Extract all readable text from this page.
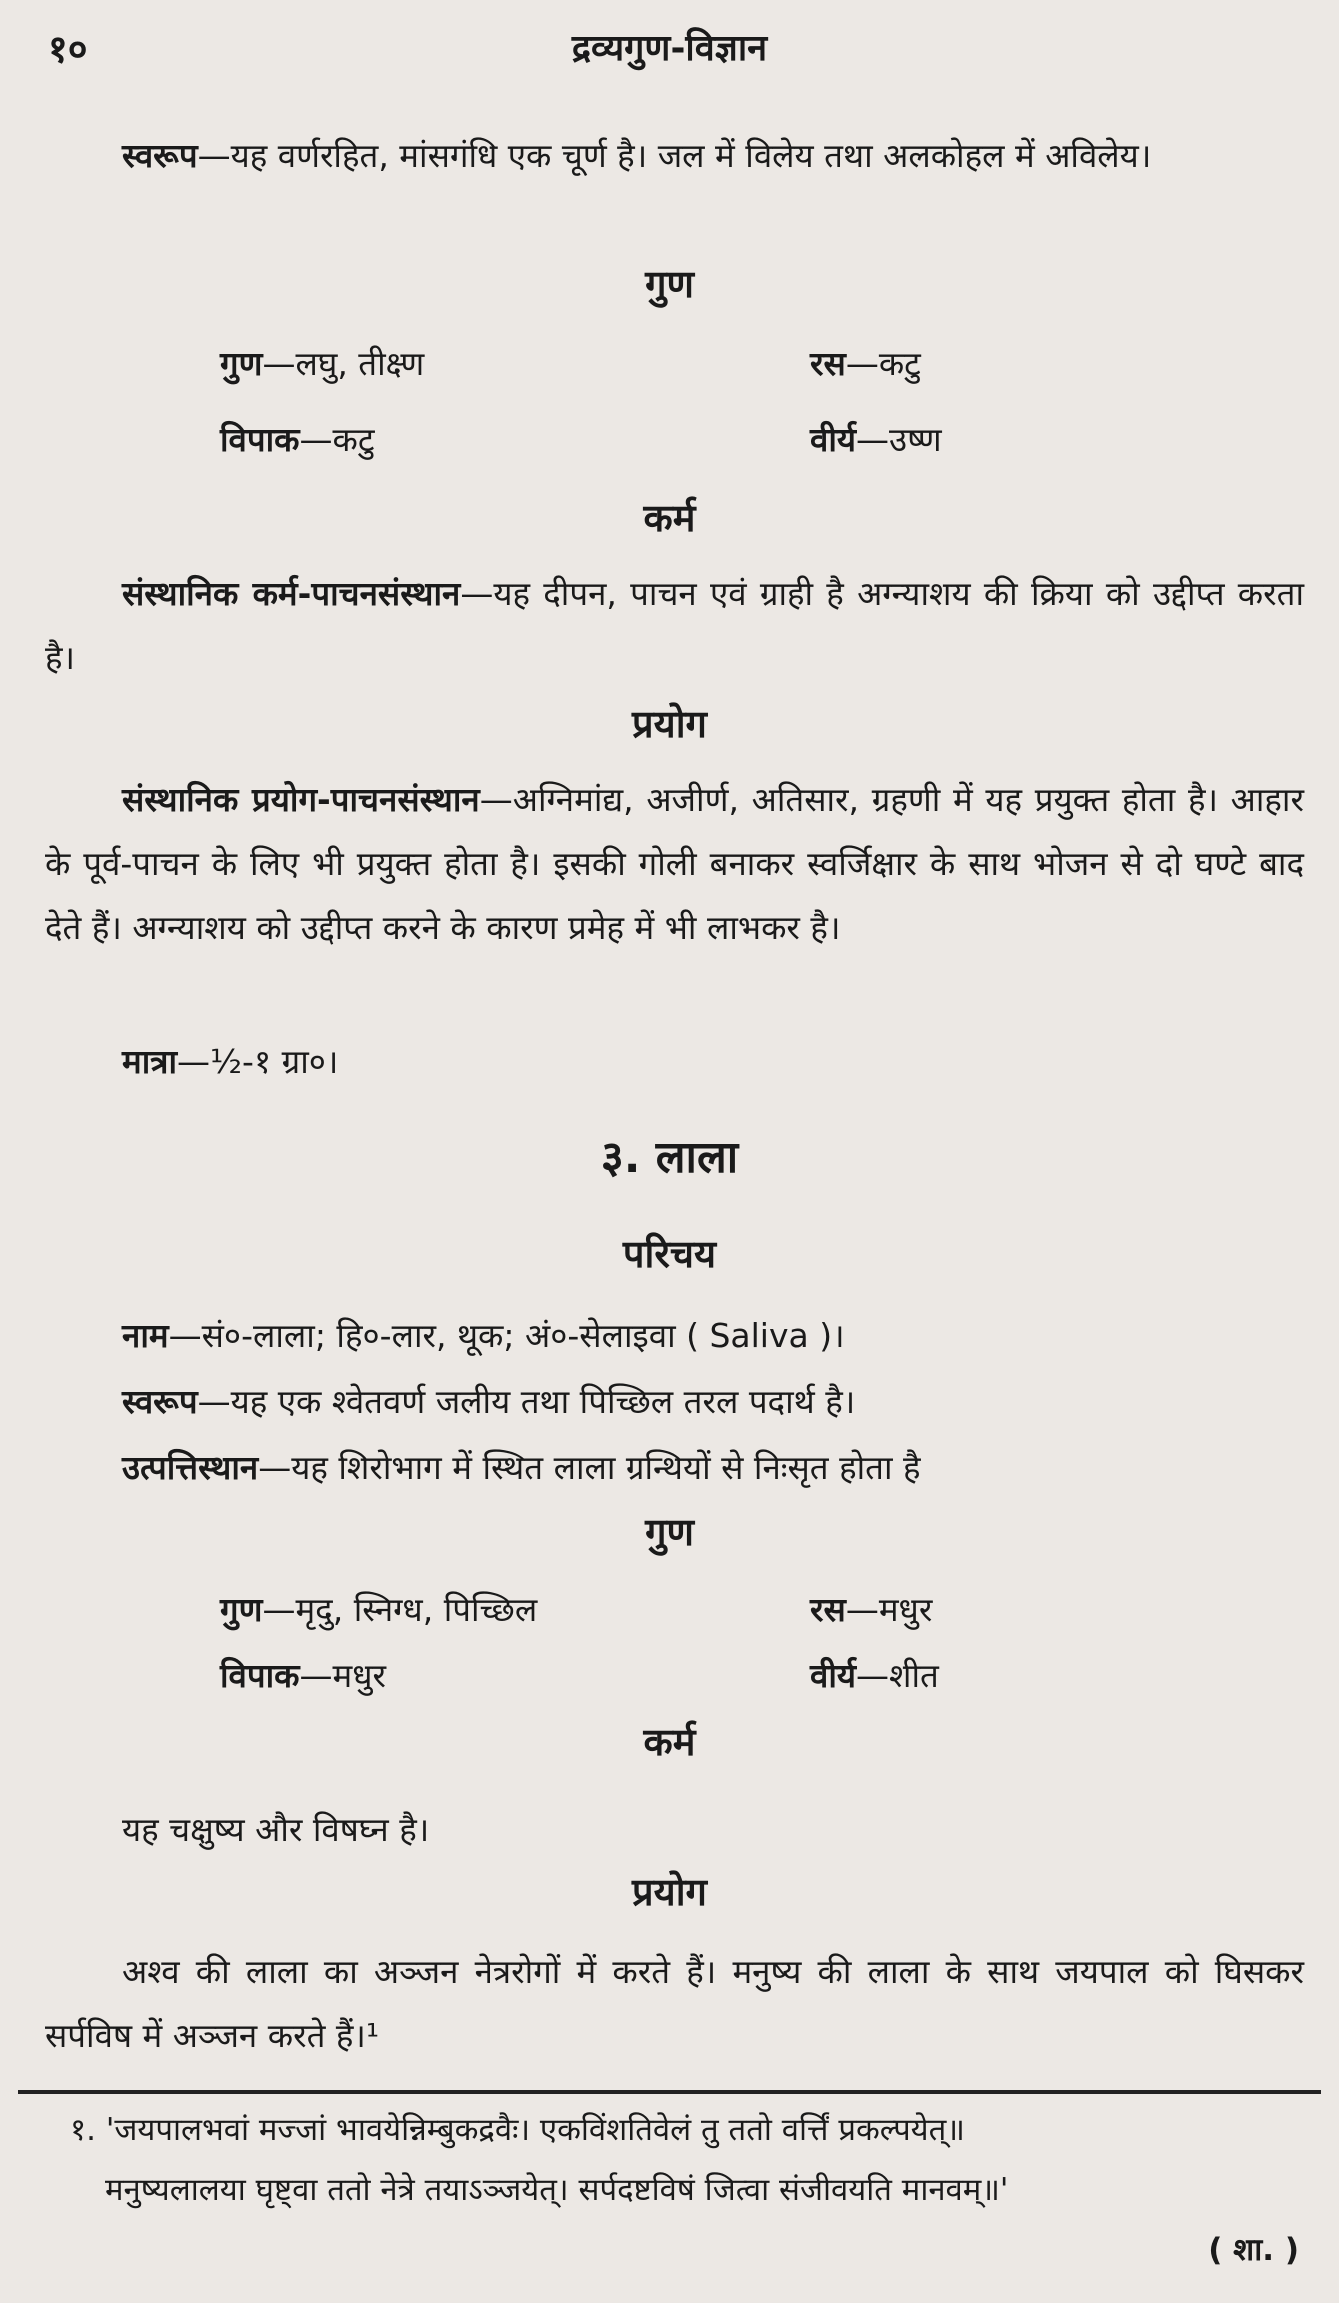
१०	द्रव्यगुण-विज्ञान
स्वरूप—यह वर्णरहित, मांसगंधि एक चूर्ण है। जल में विलेय तथा अलकोहल में अविलेय।
गुण
गुण—लघु, तीक्ष्ण	रस—कटु
विपाक—कटु	वीर्य—उष्ण
कर्म
संस्थानिक कर्म-पाचनसंस्थान—यह दीपन, पाचन एवं ग्राही है अग्न्याशय की क्रिया को उद्दीप्त करता है।
प्रयोग
संस्थानिक प्रयोग-पाचनसंस्थान—अग्निमांद्य, अजीर्ण, अतिसार, ग्रहणी में यह प्रयुक्त होता है। आहार के पूर्व-पाचन के लिए भी प्रयुक्त होता है। इसकी गोली बनाकर स्वर्जिक्षार के साथ भोजन से दो घण्टे बाद देते हैं। अग्न्याशय को उद्दीप्त करने के कारण प्रमेह में भी लाभकर है।
मात्रा—½-१ ग्रा०।
३. लाला
परिचय
नाम—सं०-लाला; हि०-लार, थूक; अं०-सेलाइवा ( Saliva )।
स्वरूप—यह एक श्वेतवर्ण जलीय तथा पिच्छिल तरल पदार्थ है।
उत्पत्तिस्थान—यह शिरोभाग में स्थित लाला ग्रन्थियों से निःसृत होता है
गुण
गुण—मृदु, स्निग्ध, पिच्छिल	रस—मधुर
विपाक—मधुर	वीर्य—शीत
कर्म
यह चक्षुष्य और विषघ्न है।
प्रयोग
अश्व की लाला का अञ्जन नेत्ररोगों में करते हैं। मनुष्य की लाला के साथ जयपाल को घिसकर सर्पविष में अञ्जन करते हैं।¹
१. 'जयपालभवां मज्जां भावयेन्निम्बुकद्रवैः। एकविंशतिवेलं तु ततो वर्त्तिं प्रकल्पयेत्॥
मनुष्यलालया घृष्ट्वा ततो नेत्रे तयाऽञ्जयेत्। सर्पदष्टविषं जित्वा संजीवयति मानवम्॥'
( शा. )
